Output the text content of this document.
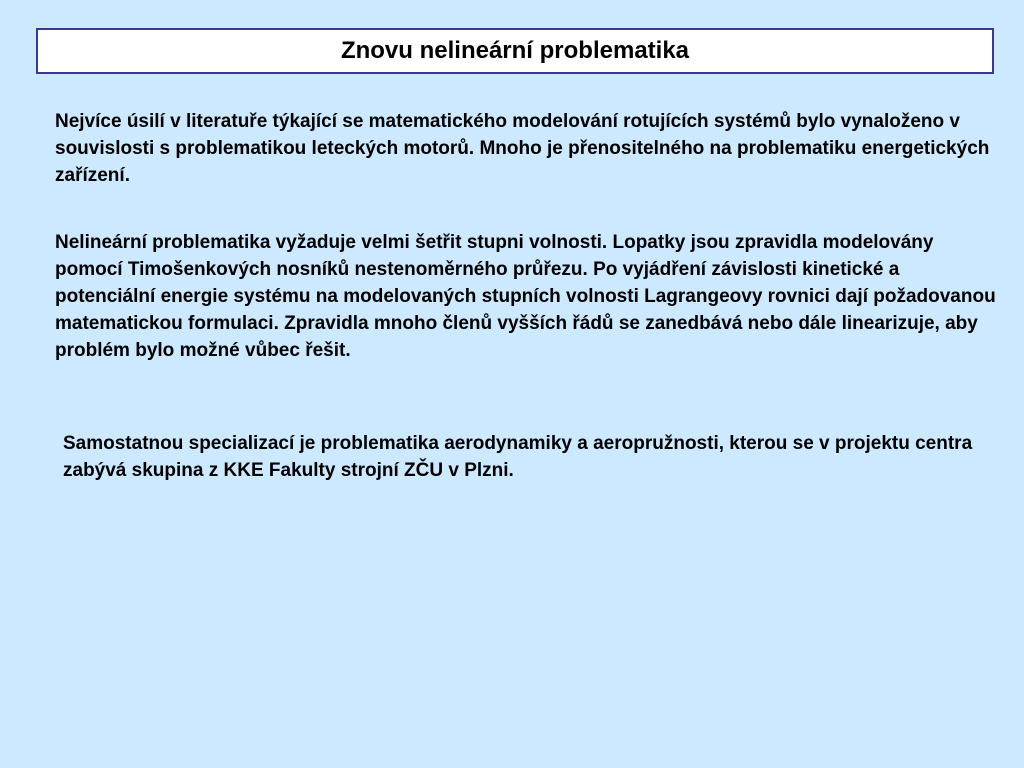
Znovu nelineární problematika

Nejvíce úsilí v literatuře týkající se matematického modelování rotujících systémů bylo vynaloženo v souvislosti s problematikou leteckých motorů. Mnoho je přenositelného na problematiku energetických zařízení.

Nelineární problematika vyžaduje velmi šetřit stupni volnosti. Lopatky jsou zpravidla modelovány pomocí Timošenkových nosníků nestenoměrného průřezu. Po vyjádření závislosti kinetické a potenciální energie systému na modelovaných stupních volnosti Lagrangeovy rovnici dají požadovanou matematickou formulaci. Zpravidla mnoho členů vyšších řádů se zanedbává nebo dále linearizuje, aby problém bylo možné vůbec řešit.

Samostatnou specializací je problematika aerodynamiky a aeropružnosti, kterou se v projektu centra zabývá skupina z KKE Fakulty strojní ZČU v Plzni.
